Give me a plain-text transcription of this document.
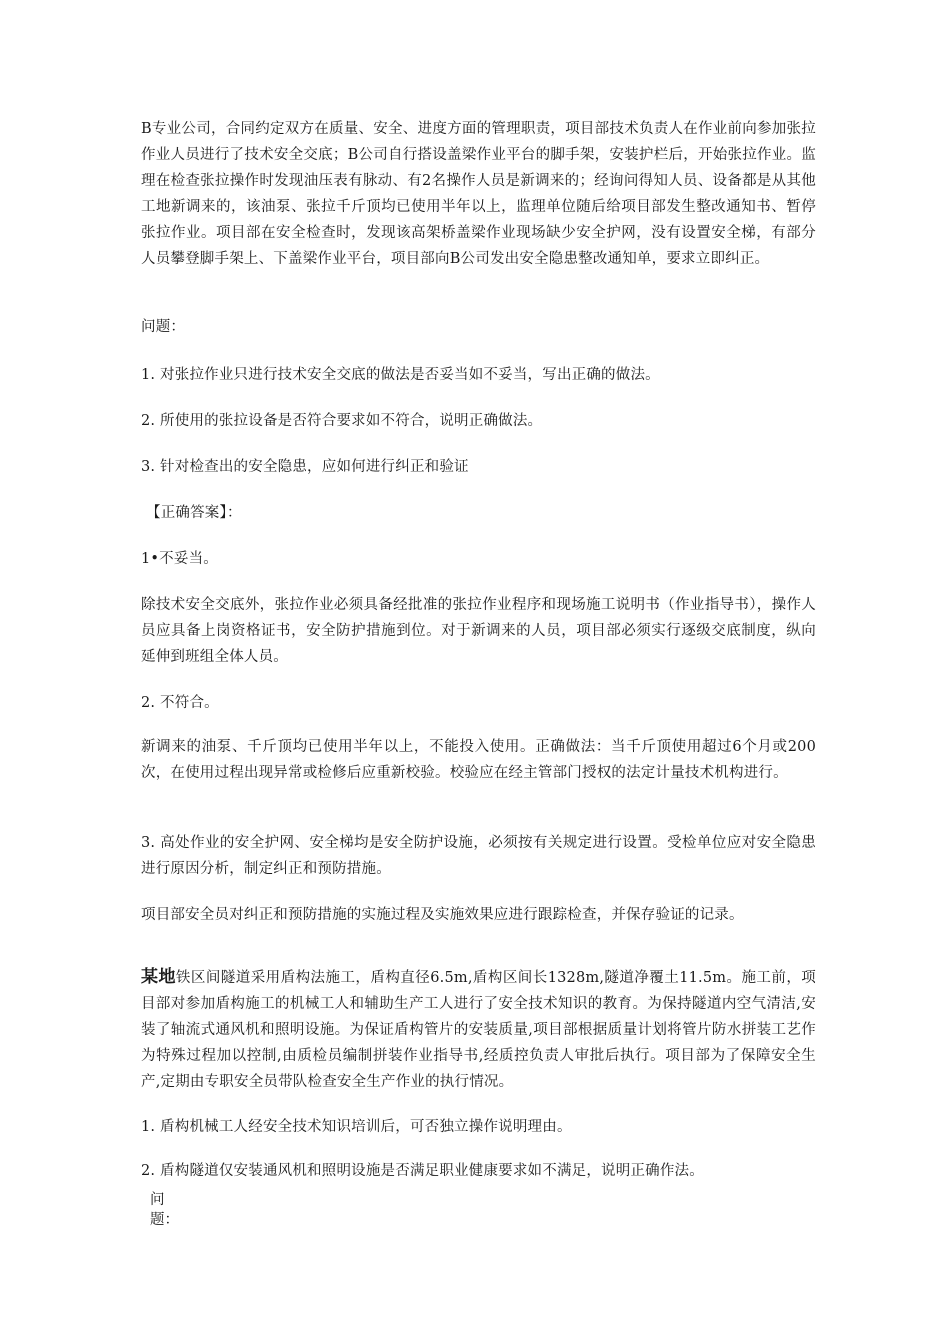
B专业公司，合同约定双方在质量、安全、进度方面的管理职责，项目部技术负责人在作业前向参加张拉作业人员进行了技术安全交底；B公司自行搭设盖梁作业平台的脚手架，安装护栏后，开始张拉作业。监理在检查张拉操作时发现油压表有脉动、有2名操作人员是新调来的；经询问得知人员、设备都是从其他工地新调来的，该油泵、张拉千斤顶均已使用半年以上，监理单位随后给项目部发生整改通知书、暂停张拉作业。项目部在安全检查时，发现该高架桥盖梁作业现场缺少安全护网，没有设置安全梯，有部分人员攀登脚手架上、下盖梁作业平台，项目部向B公司发出安全隐患整改通知单，要求立即纠正。

问题：

1. 对张拉作业只进行技术安全交底的做法是否妥当如不妥当，写出正确的做法。

2. 所使用的张拉设备是否符合要求如不符合，说明正确做法。

3. 针对检查出的安全隐患，应如何进行纠正和验证

【正确答案】：

1•不妥当。

除技术安全交底外，张拉作业必须具备经批准的张拉作业程序和现场施工说明书（作业指导书），操作人员应具备上岗资格证书，安全防护措施到位。对于新调来的人员，项目部必须实行逐级交底制度，纵向延伸到班组全体人员。

2. 不符合。

新调来的油泵、千斤顶均已使用半年以上，不能投入使用。正确做法：当千斤顶使用超过6个月或200次，在使用过程出现异常或检修后应重新校验。校验应在经主管部门授权的法定计量技术机构进行。

3. 高处作业的安全护网、安全梯均是安全防护设施，必须按有关规定进行设置。受检单位应对安全隐患进行原因分析，制定纠正和预防措施。

项目部安全员对纠正和预防措施的实施过程及实施效果应进行跟踪检查，并保存验证的记录。

某地铁区间隧道采用盾构法施工，盾构直径6.5m,盾构区间长1328m,隧道净覆土11.5m。施工前，项目部对参加盾构施工的机械工人和辅助生产工人进行了安全技术知识的教育。为保持隧道内空气清洁,安装了轴流式通风机和照明设施。为保证盾构管片的安装质量,项目部根据质量计划将管片防水拼装工艺作为特殊过程加以控制,由质检员编制拼装作业指导书,经质控负责人审批后执行。项目部为了保障安全生产,定期由专职安全员带队检查安全生产作业的执行情况。

1. 盾构机械工人经安全技术知识培训后，可否独立操作说明理由。

2. 盾构隧道仅安装通风机和照明设施是否满足职业健康要求如不满足，说明正确作法。

问题：
